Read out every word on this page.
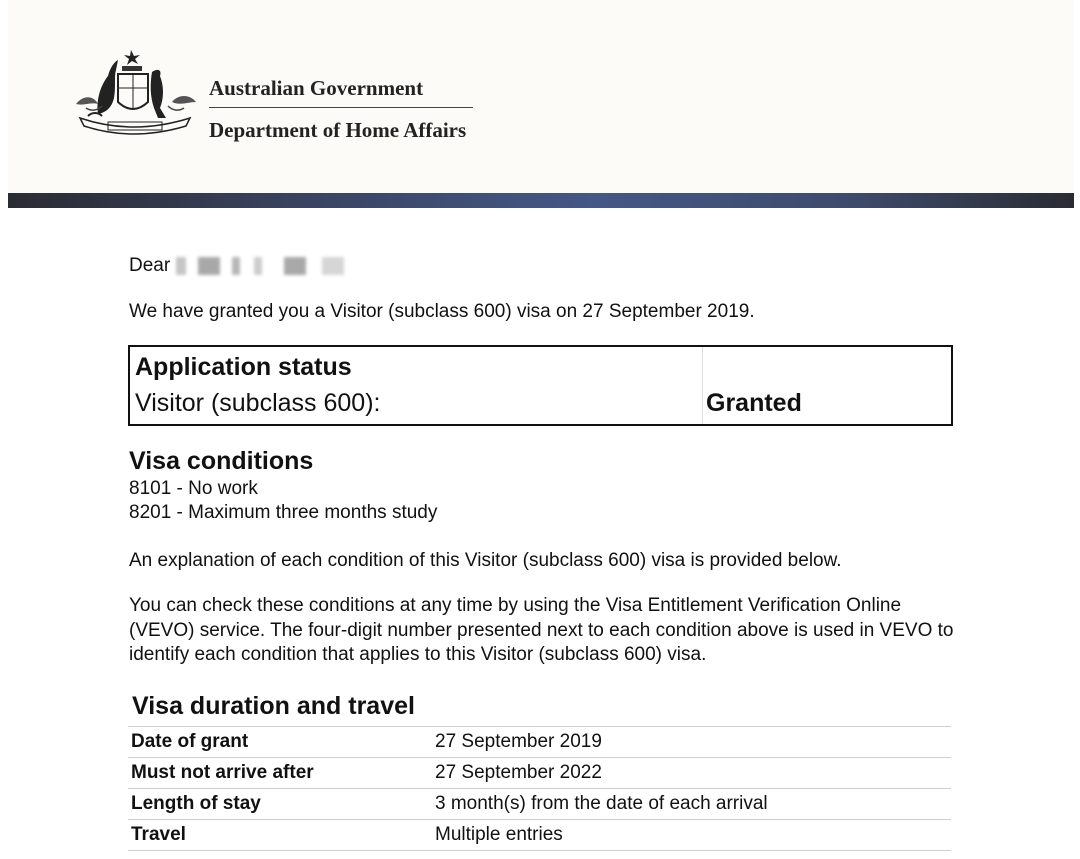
Australian Government
Department of Home Affairs
Dear
We have granted you a Visitor (subclass 600) visa on 27 September 2019.
Application status
Visitor (subclass 600):	Granted
Visa conditions
8101 - No work
8201 - Maximum three months study
An explanation of each condition of this Visitor (subclass 600) visa is provided below.
You can check these conditions at any time by using the Visa Entitlement Verification Online (VEVO) service. The four-digit number presented next to each condition above is used in VEVO to identify each condition that applies to this Visitor (subclass 600) visa.
Visa duration and travel
Date of grant	27 September 2019
Must not arrive after	27 September 2022
Length of stay	3 month(s) from the date of each arrival
Travel	Multiple entries
